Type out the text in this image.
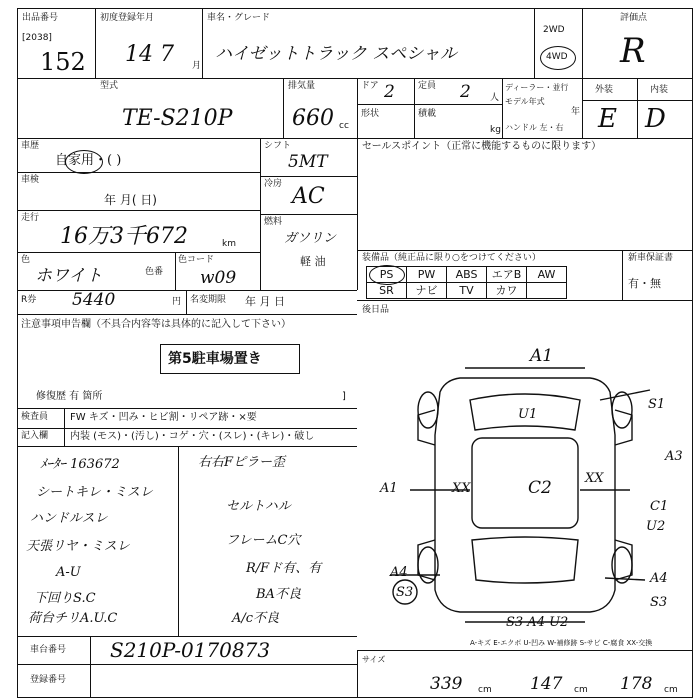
出品番号
[2038]
152
初度登録年月
14 7 月
車名・グレード
ハイゼットトラック スペシャル
2WD
4WD
評価点
R
型式
TE-S210P
排気量
660 cc
ドア 2	定員 2 人
形状	積載
kg
ディーラー・並行
モデル年式
年
ハンドル 左・右
外装	内装
E D
車歴
自家用・( )
車検
年 月( 日)
走行
16万3千672	km
色
ホワイト	色番
色コード
w09
R券 5440	円 名変期限 年 月 日
注意事項申告欄（不具合内容等は具体的に記入して下さい）
第5駐車場置き
修復歴 有 箇所	]
シフト
5MT
冷房 AC
燃料
ガソリン
軽 油
セールスポイント（正常に機能するものに限ります）
装備品（純正品に限り○をつけてください）	新車保証書
有・無
後日品
PS	PW	ABS	エアB	AW
SR	ナビ	TV	カワ
検査員
記入欄
FW キズ・凹み・ヒビ割・リペア跡・×要
内装 (モス)・(汚し)・コゲ・穴・(スレ)・(キレ)・破し
ﾒｰﾀｰ 163672
シートキレ・ミスレ
ハンドルスレ
天張リヤ・ミスレ
A-U
下回りS.C
荷台チリA.U.C
右右Fピラー歪
セルトハル
フレームC穴
R/Fド有、有
BA不良
A/c不良
A1
U1
S1
A3
A1	XX	C2	XX
C1
U2
A4
S3
A4
S3
S3 A4 U2
A-キズ E-エクボ U-凹み W-補修跡 S-サビ C-腐食 XX-交換
車台番号 S210P-0170873
登録番号
サイズ
339 cm 147 cm 178 cm
